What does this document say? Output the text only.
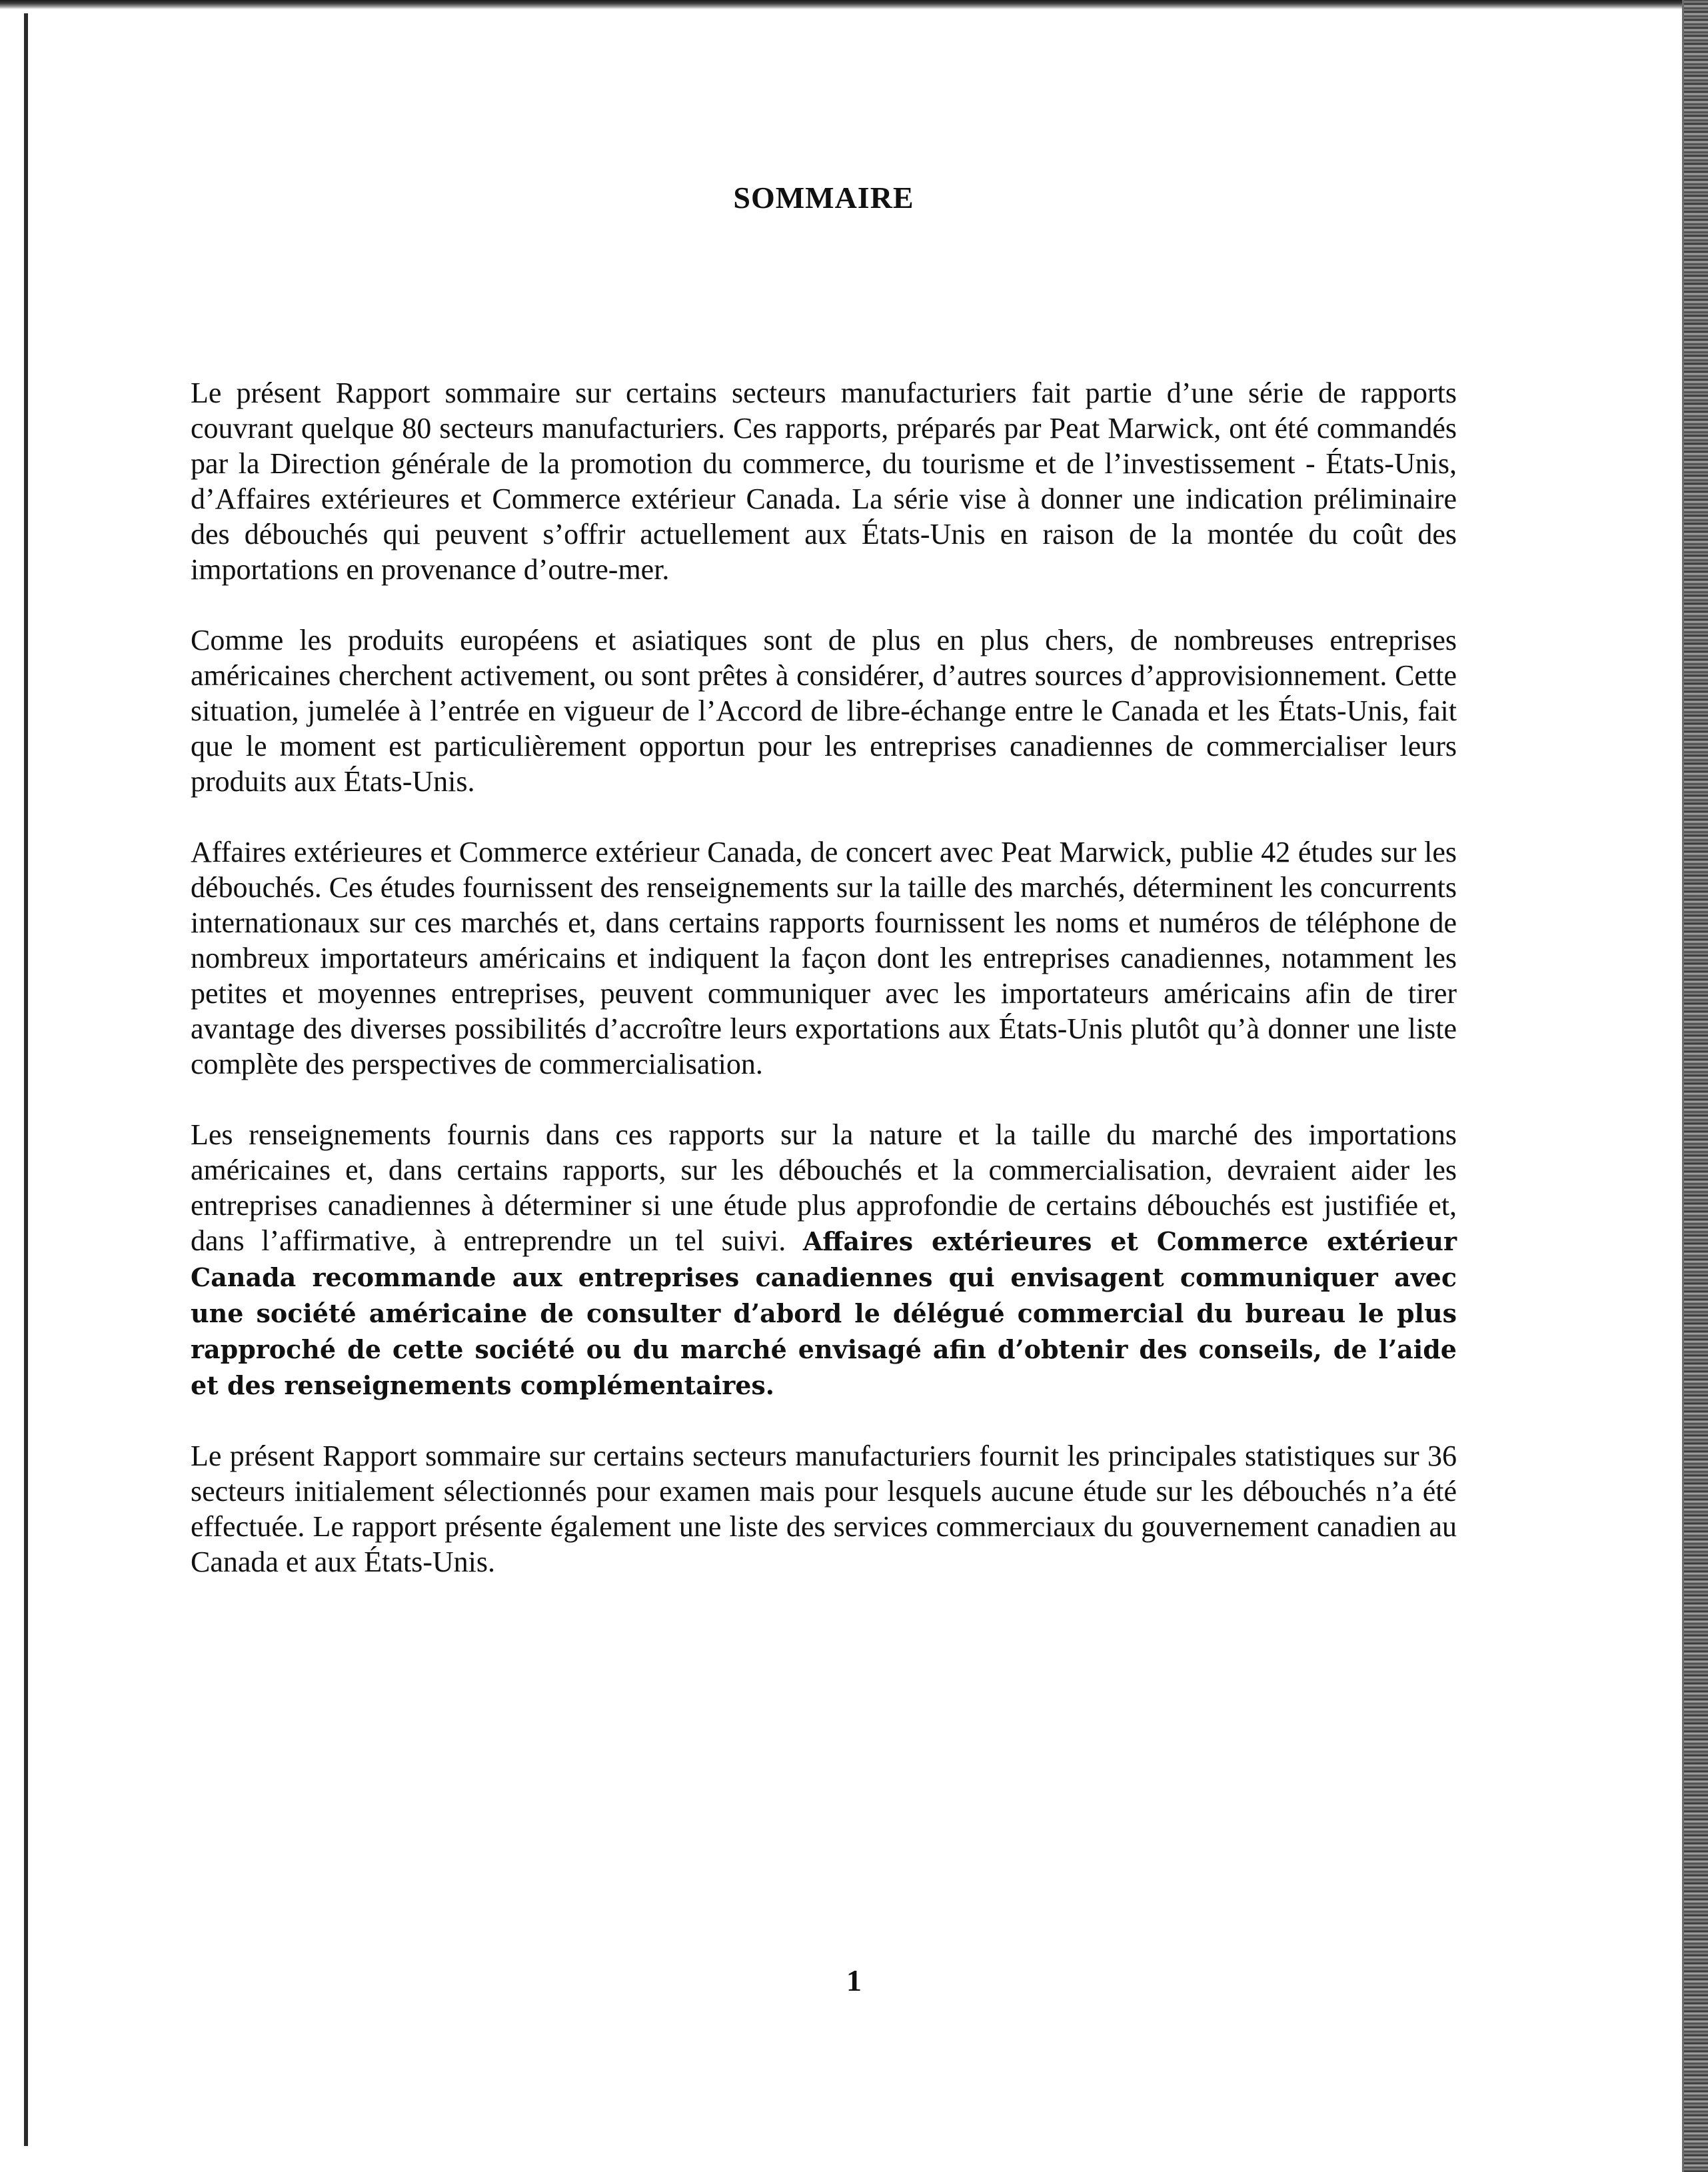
SOMMAIRE

Le présent Rapport sommaire sur certains secteurs manufacturiers fait partie d’une série de rapports couvrant quelque 80 secteurs manufacturiers. Ces rapports, préparés par Peat Marwick, ont été commandés par la Direction générale de la promotion du commerce, du tourisme et de l’investissement - États-Unis, d’Affaires extérieures et Commerce extérieur Canada. La série vise à donner une indication préliminaire des débouchés qui peuvent s’offrir actuellement aux États-Unis en raison de la montée du coût des importations en provenance d’outre-mer.

Comme les produits européens et asiatiques sont de plus en plus chers, de nombreuses entreprises américaines cherchent activement, ou sont prêtes à considérer, d’autres sources d’approvisionnement. Cette situation, jumelée à l’entrée en vigueur de l’Accord de libre-échange entre le Canada et les États-Unis, fait que le moment est particulièrement opportun pour les entreprises canadiennes de commercialiser leurs produits aux États-Unis.

Affaires extérieures et Commerce extérieur Canada, de concert avec Peat Marwick, publie 42 études sur les débouchés. Ces études fournissent des renseignements sur la taille des marchés, déterminent les concurrents internationaux sur ces marchés et, dans certains rapports fournissent les noms et numéros de téléphone de nombreux importateurs américains et indiquent la façon dont les entreprises canadiennes, notamment les petites et moyennes entreprises, peuvent communiquer avec les importateurs américains afin de tirer avantage des diverses possibilités d’accroître leurs exportations aux États-Unis plutôt qu’à donner une liste complète des perspectives de commercialisation.

Les renseignements fournis dans ces rapports sur la nature et la taille du marché des importations américaines et, dans certains rapports, sur les débouchés et la commercialisation, devraient aider les entreprises canadiennes à déterminer si une étude plus approfondie de certains débouchés est justifiée et, dans l’affirmative, à entreprendre un tel suivi. Affaires extérieures et Commerce extérieur Canada recommande aux entreprises canadiennes qui envisagent communiquer avec une société américaine de consulter d’abord le délégué commercial du bureau le plus rapproché de cette société ou du marché envisagé afin d’obtenir des conseils, de l’aide et des renseignements complémentaires.

Le présent Rapport sommaire sur certains secteurs manufacturiers fournit les principales statistiques sur 36 secteurs initialement sélectionnés pour examen mais pour lesquels aucune étude sur les débouchés n’a été effectuée. Le rapport présente également une liste des services commerciaux du gouvernement canadien au Canada et aux États-Unis.

1
